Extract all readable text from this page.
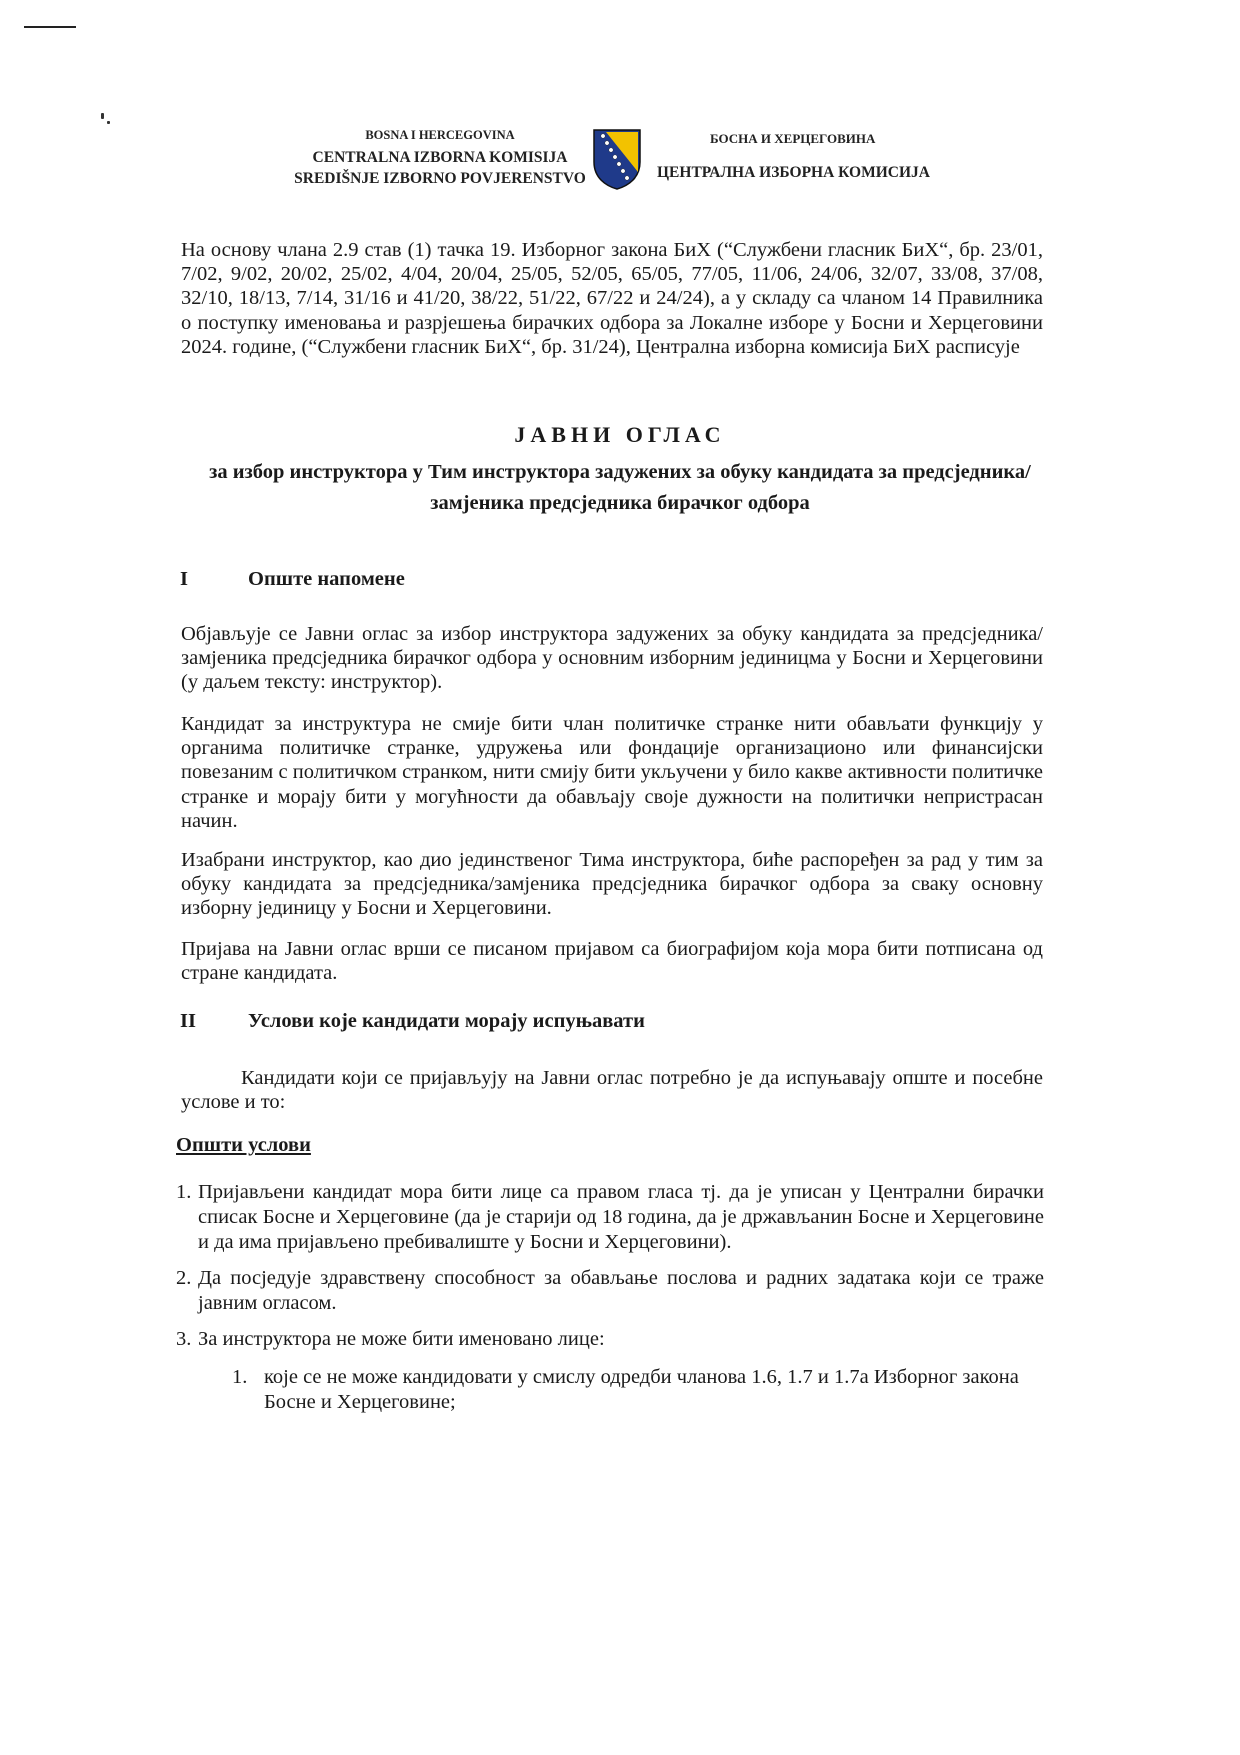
BOSNA I HERCEGOVINA
CENTRALNA IZBORNA KOMISIJA
SREDIŠNJE IZBORNO POVJERENSTVO
БОСНА И ХЕРЦЕГОВИНА
ЦЕНТРАЛНА ИЗБОРНА КОМИСИЈА
На основу члана 2.9 став (1) тачка 19. Изборног закона БиХ (“Службени гласник БиХ“, бр. 23/01, 7/02, 9/02, 20/02, 25/02, 4/04, 20/04, 25/05, 52/05, 65/05, 77/05, 11/06, 24/06, 32/07, 33/08, 37/08, 32/10, 18/13, 7/14, 31/16 и 41/20, 38/22, 51/22, 67/22 и 24/24), а у складу са чланом 14 Правилника о поступку именовања и разрјешења бирачких одбора за Локалне изборе у Босни и Херцеговини 2024. године, (“Службени гласник БиХ“, бр. 31/24), Централна изборна комисија БиХ расписује
ЈАВНИ ОГЛАС
за избор инструктора у Тим инструктора задужених за обуку кандидата за предсједника/замјеника предсједника бирачког одбора
I	Опште напомене
Објављује се Јавни оглас за избор инструктора задужених за обуку кандидата за предсједника/замјеника предсједника бирачког одбора у основним изборним јединицма у Босни и Херцеговини (у даљем тексту: инструктор).
Кандидат за инструктура не смије бити члан политичке странке нити обављати функцију у органима политичке странке, удружења или фондације организационо или финансијски повезаним с политичком странком, нити смију бити укључени у било какве активности политичке странке и морају бити у могућности да обављају своје дужности на политички непристрасан начин.
Изабрани инструктор, као дио јединственог Тима инструктора, биће распоређен за рад у тим за обуку кандидата за предсједника/замјеника предсједника бирачког одбора за сваку основну изборну јединицу у Босни и Херцеговини.
Пријава на Јавни оглас врши се писаном пријавом са биографијом која мора бити потписана од стране кандидата.
II	Услови које кандидати морају испуњавати
Кандидати који се пријављују на Јавни оглас потребно је да испуњавају опште и посебне услове и то:
Општи услови
1. Пријављени кандидат мора бити лице са правом гласа тј. да је уписан у Централни бирачки списак Босне и Херцеговине (да је старији од 18 година, да је држављанин Босне и Херцеговине и да има пријављено пребивалиште у Босни и Херцеговини).
2. Да посједује здравствену способност за обављање послова и радних задатака који се траже јавним огласом.
3. За инструктора не може бити именовано лице:
1. које се не може кандидовати у смислу одредби чланова 1.6, 1.7 и 1.7а Изборног закона Босне и Херцеговине;
